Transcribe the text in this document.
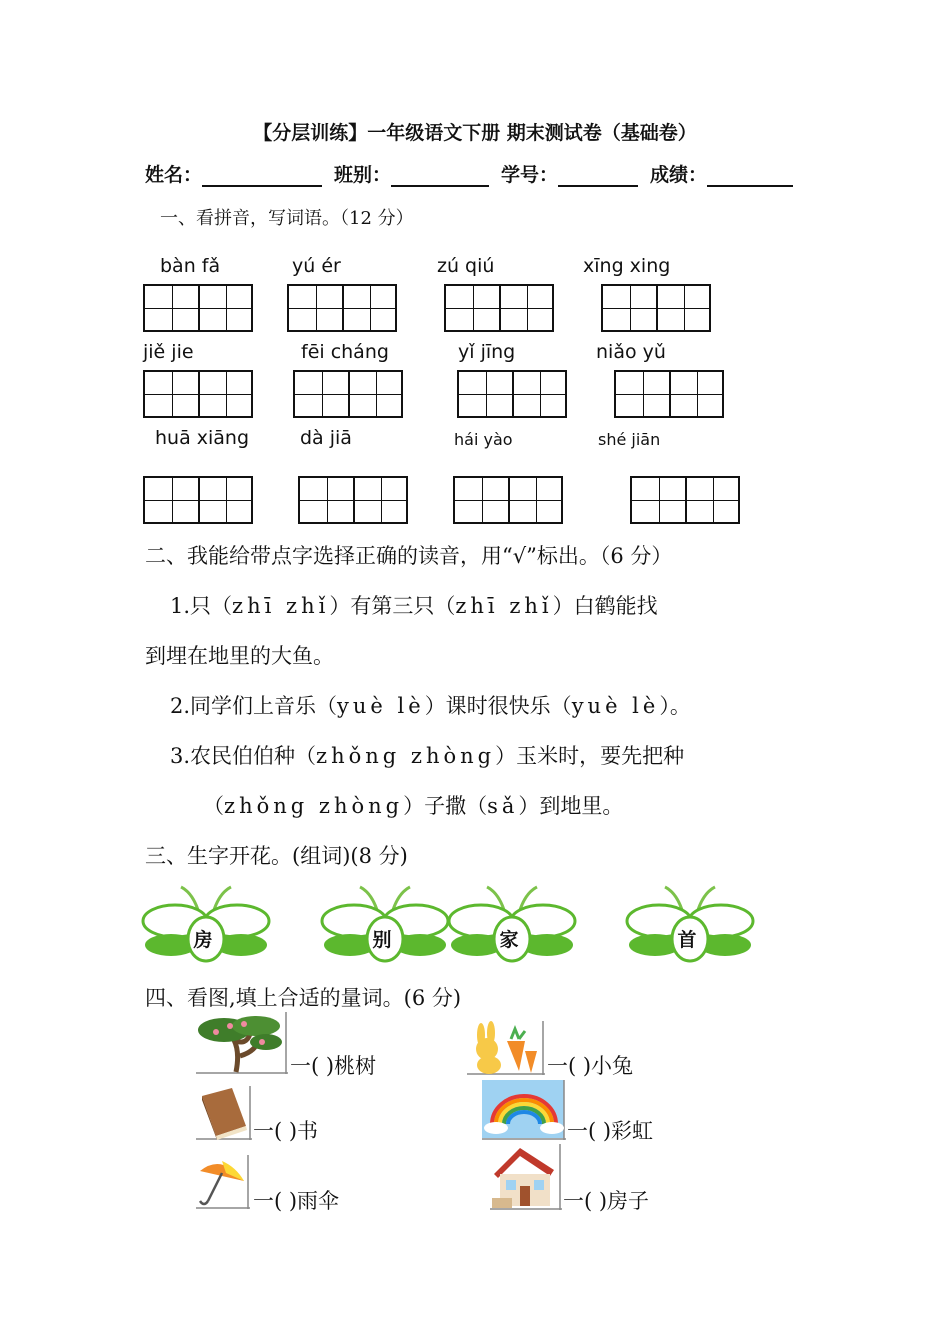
【分层训练】一年级语文下册 期末测试卷（基础卷）
姓名：	班别：	学号：	成绩：
一、看拼音，写词语。（12 分）
bàn fǎ	yú ér	zú qiú	xīng xing
jiě jie	fēi cháng	yǐ jīng	niǎo yǔ
huā xiāng	dà jiā	hái yào	shé jiān
二、我能给带点字选择正确的读音，用“√”标出。（6 分）
1.只（zhī zhǐ）有第三只（zhī zhǐ）白鹤能找
到埋在地里的大鱼。
2.同学们上音乐（yuè lè）课时很快乐（yuè lè）。
3.农民伯伯种（zhǒng zhòng）玉米时，要先把种
（zhǒng zhòng）子撒（sǎ）到地里。
三、生字开花。(组词)(8 分)
房	别	家	首
四、看图,填上合适的量词。(6 分)
一( )桃树	一( )小兔
一( )书	一( )彩虹
一( )雨伞	一( )房子
